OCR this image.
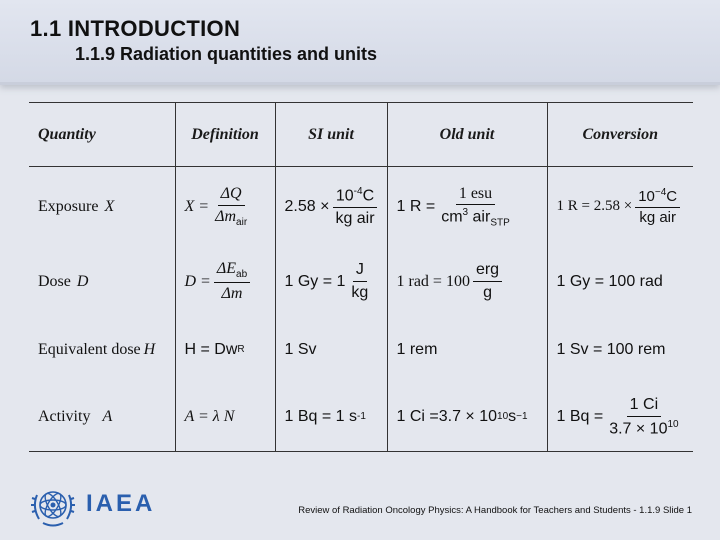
1.1 INTRODUCTION
1.1.9 Radiation quantities and units
Quantity	Definition	SI unit	Old unit	Conversion
Exposure X	$X = \frac{\Delta Q}{\Delta m_{air}}$	$2.58 \times \frac{10^{-4}C}{\text{kg air}}$	1 $R = \frac{\text{1 esu}}{cm^3 air_{STP}}$	1 $R = 2.58 \times \frac{10^{-4}C}{\text{kg air}}$

Dose D	$D = \frac{\Delta E_{ab}}{\Delta m}$	1 $Gy = 1 \frac{J}{kg}$	1 rad = $100 \frac{\text{erg}}{g}$	1 Gy = 100 rad

Equivalent dose H	H = Dw R	1 Sv	1 rem	1 Sv = 100 rem

Activity A	A = λ N	1 Bq = 1 s -1	1 Ci =3.7 × 10 10 s −1	1 $Bq = \frac{1 Ci}{3.7 \times 10^{10}}$
IAEA	Review of Radiation Oncology Physics: A Handbook for Teachers and Students - 1.1.9 Slide 1
